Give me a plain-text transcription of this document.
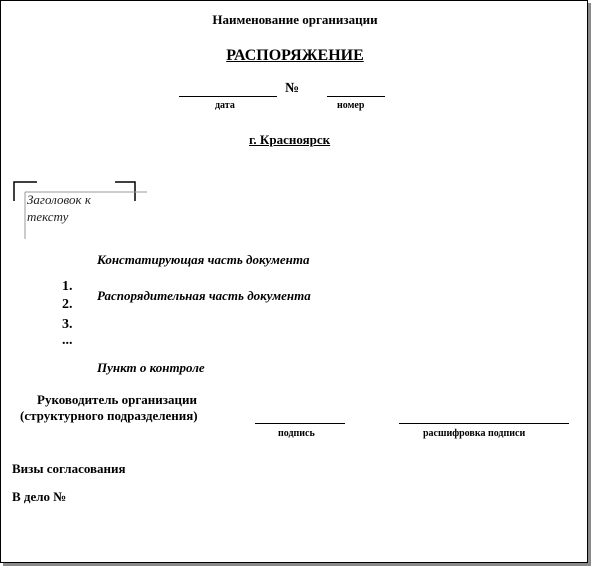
Наименование организации
РАСПОРЯЖЕНИЕ
№
дата	номер
г. Красноярск
Заголовок к тексту
Констатирующая часть документа
1.
2.
3.
...
Распорядительная часть документа
Пункт о контроле
Руководитель организации
(структурного подразделения)
подпись	расшифровка подписи
Визы согласования
В дело №
